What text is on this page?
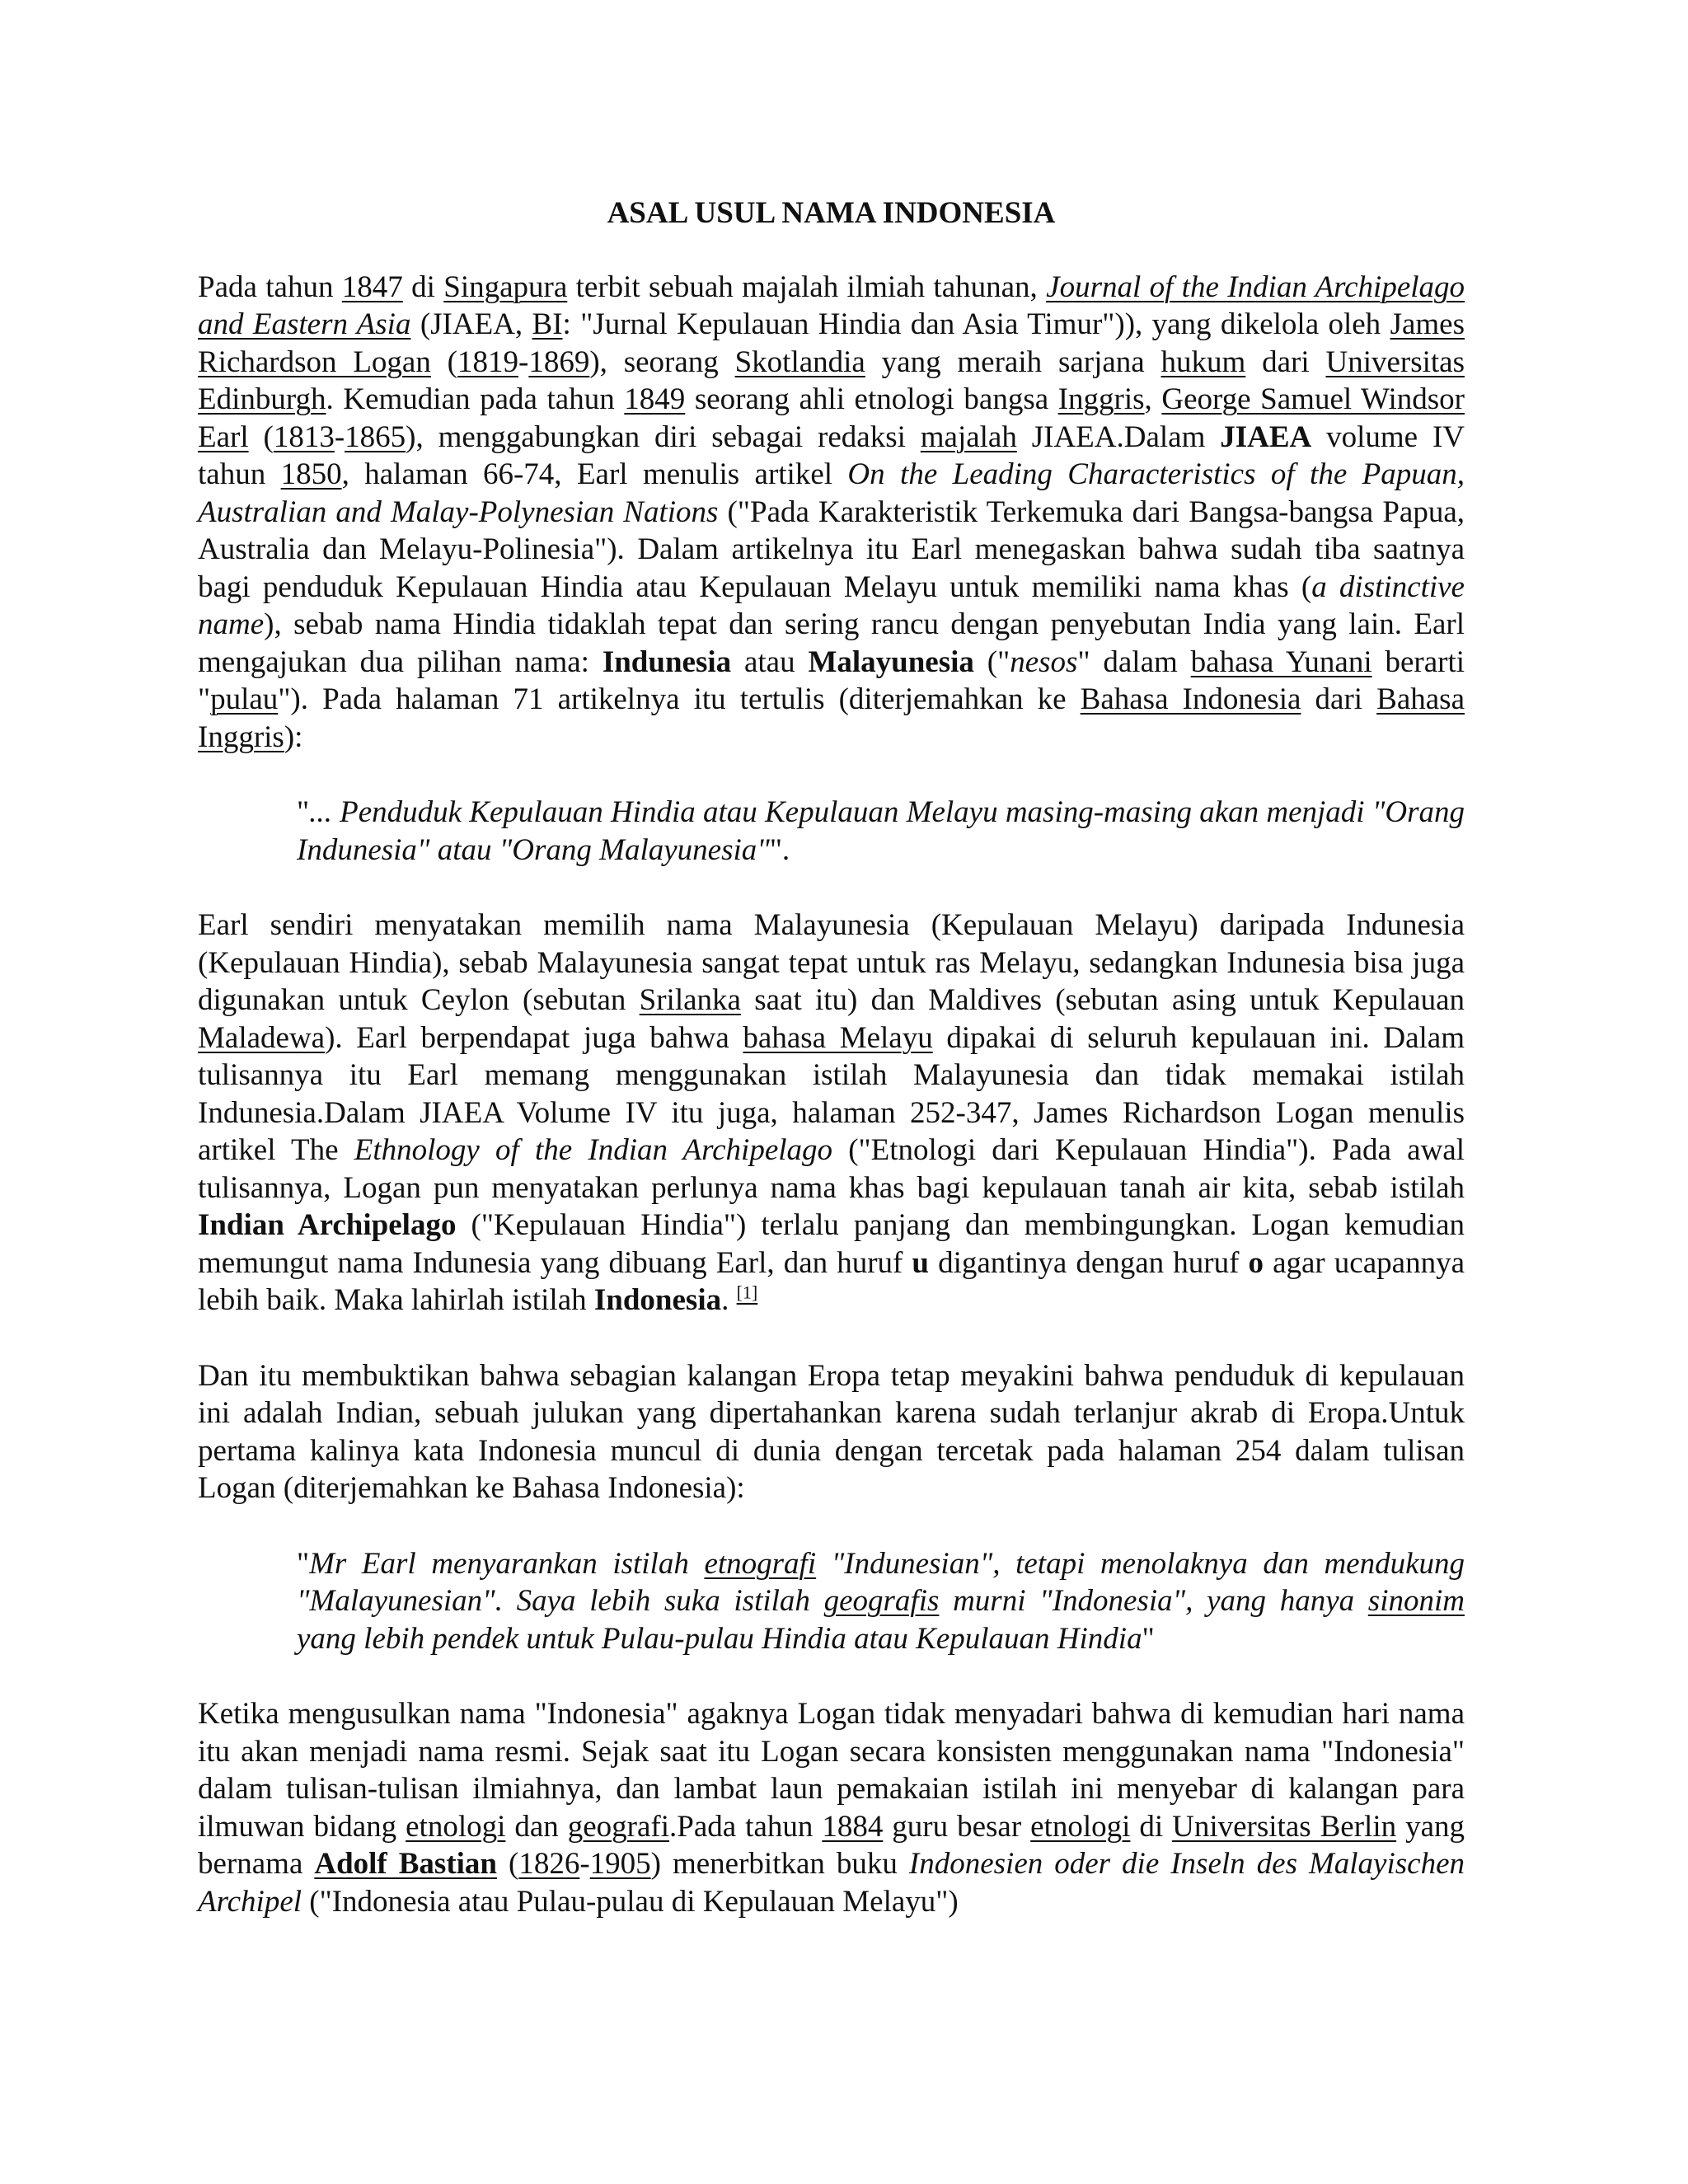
ASAL USUL NAMA INDONESIA

Pada tahun 1847 di Singapura terbit sebuah majalah ilmiah tahunan, Journal of the Indian Archipelago and Eastern Asia (JIAEA, BI: "Jurnal Kepulauan Hindia dan Asia Timur")), yang dikelola oleh James Richardson Logan (1819-1869), seorang Skotlandia yang meraih sarjana hukum dari Universitas Edinburgh. Kemudian pada tahun 1849 seorang ahli etnologi bangsa Inggris, George Samuel Windsor Earl (1813-1865), menggabungkan diri sebagai redaksi majalah JIAEA.Dalam JIAEA volume IV tahun 1850, halaman 66-74, Earl menulis artikel On the Leading Characteristics of the Papuan, Australian and Malay-Polynesian Nations ("Pada Karakteristik Terkemuka dari Bangsa-bangsa Papua, Australia dan Melayu-Polinesia"). Dalam artikelnya itu Earl menegaskan bahwa sudah tiba saatnya bagi penduduk Kepulauan Hindia atau Kepulauan Melayu untuk memiliki nama khas (a distinctive name), sebab nama Hindia tidaklah tepat dan sering rancu dengan penyebutan India yang lain. Earl mengajukan dua pilihan nama: Indunesia atau Malayunesia ("nesos" dalam bahasa Yunani berarti "pulau"). Pada halaman 71 artikelnya itu tertulis (diterjemahkan ke Bahasa Indonesia dari Bahasa Inggris):

"... Penduduk Kepulauan Hindia atau Kepulauan Melayu masing-masing akan menjadi "Orang Indunesia" atau "Orang Malayunesia"".

Earl sendiri menyatakan memilih nama Malayunesia (Kepulauan Melayu) daripada Indunesia (Kepulauan Hindia), sebab Malayunesia sangat tepat untuk ras Melayu, sedangkan Indunesia bisa juga digunakan untuk Ceylon (sebutan Srilanka saat itu) dan Maldives (sebutan asing untuk Kepulauan Maladewa). Earl berpendapat juga bahwa bahasa Melayu dipakai di seluruh kepulauan ini. Dalam tulisannya itu Earl memang menggunakan istilah Malayunesia dan tidak memakai istilah Indunesia.Dalam JIAEA Volume IV itu juga, halaman 252-347, James Richardson Logan menulis artikel The Ethnology of the Indian Archipelago ("Etnologi dari Kepulauan Hindia"). Pada awal tulisannya, Logan pun menyatakan perlunya nama khas bagi kepulauan tanah air kita, sebab istilah Indian Archipelago ("Kepulauan Hindia") terlalu panjang dan membingungkan. Logan kemudian memungut nama Indunesia yang dibuang Earl, dan huruf u digantinya dengan huruf o agar ucapannya lebih baik. Maka lahirlah istilah Indonesia. [1]

Dan itu membuktikan bahwa sebagian kalangan Eropa tetap meyakini bahwa penduduk di kepulauan ini adalah Indian, sebuah julukan yang dipertahankan karena sudah terlanjur akrab di Eropa.Untuk pertama kalinya kata Indonesia muncul di dunia dengan tercetak pada halaman 254 dalam tulisan Logan (diterjemahkan ke Bahasa Indonesia):

"Mr Earl menyarankan istilah etnografi "Indunesian", tetapi menolaknya dan mendukung "Malayunesian". Saya lebih suka istilah geografis murni "Indonesia", yang hanya sinonim yang lebih pendek untuk Pulau-pulau Hindia atau Kepulauan Hindia"

Ketika mengusulkan nama "Indonesia" agaknya Logan tidak menyadari bahwa di kemudian hari nama itu akan menjadi nama resmi. Sejak saat itu Logan secara konsisten menggunakan nama "Indonesia" dalam tulisan-tulisan ilmiahnya, dan lambat laun pemakaian istilah ini menyebar di kalangan para ilmuwan bidang etnologi dan geografi.Pada tahun 1884 guru besar etnologi di Universitas Berlin yang bernama Adolf Bastian (1826-1905) menerbitkan buku Indonesien oder die Inseln des Malayischen Archipel ("Indonesia atau Pulau-pulau di Kepulauan Melayu")
